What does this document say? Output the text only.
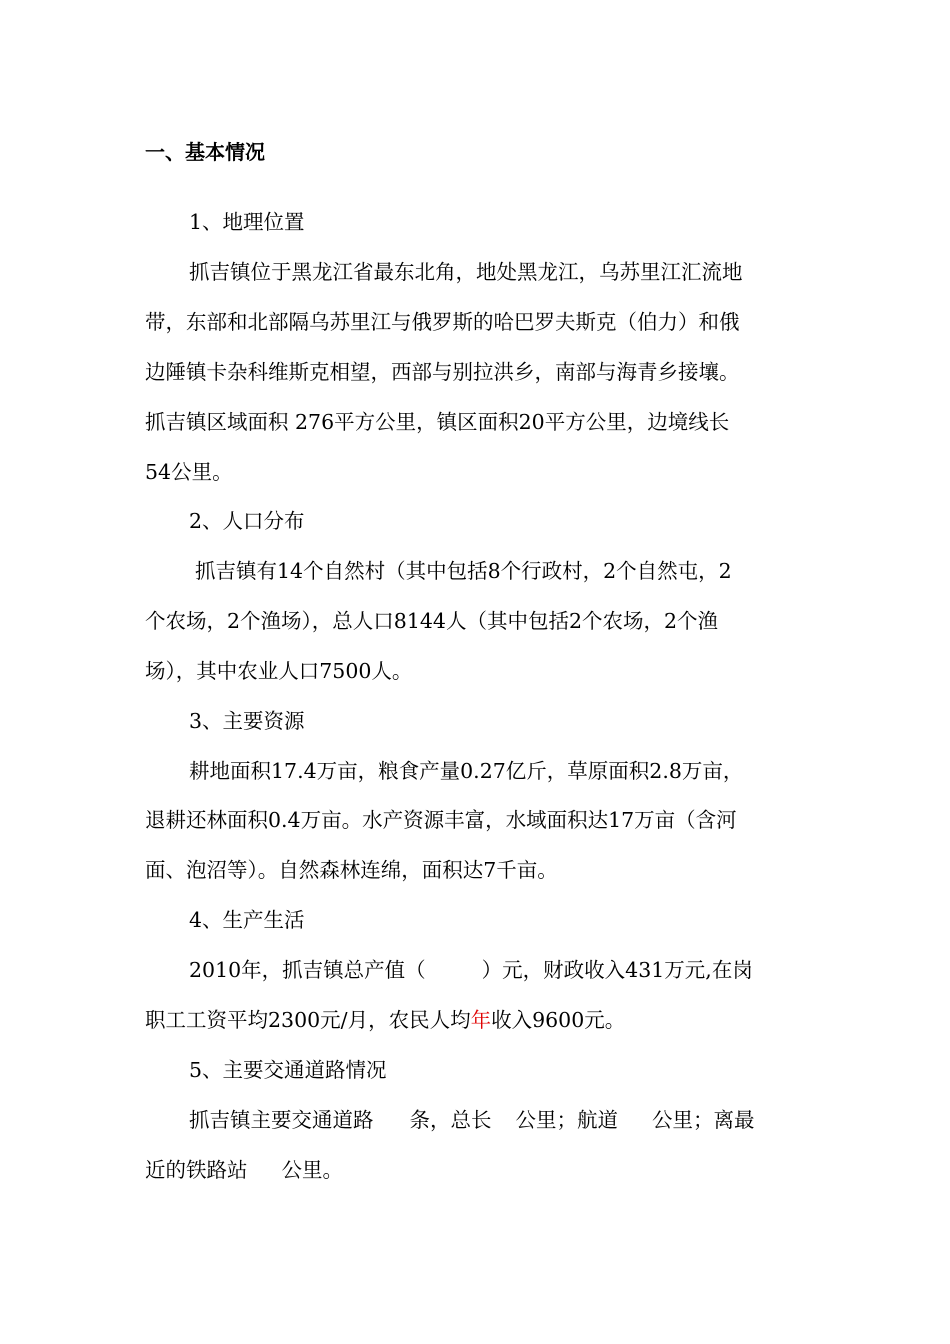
一、基本情况
1、地理位置
抓吉镇位于黑龙江省最东北角，地处黑龙江，乌苏里江汇流地
带，东部和北部隔乌苏里江与俄罗斯的哈巴罗夫斯克（伯力）和俄
边陲镇卡杂科维斯克相望，西部与别拉洪乡，南部与海青乡接壤。
抓吉镇区域面积 276平方公里，镇区面积20平方公里，边境线长
54公里。
2、人口分布
抓吉镇有14个自然村（其中包括8个行政村，2个自然屯，2
个农场，2个渔场），总人口8144人（其中包括2个农场，2个渔
场），其中农业人口7500人。
3、主要资源
耕地面积17.4万亩，粮食产量0.27亿斤，草原面积2.8万亩，
退耕还林面积0.4万亩。水产资源丰富，水域面积达17万亩（含河
面、泡沼等）。自然森林连绵，面积达7千亩。
4、生产生活
2010年，抓吉镇总产值（	）元，财政收入431万元,在岗
职工工资平均2300元/月，农民人均年收入9600元。
5、主要交通道路情况
抓吉镇主要交通道路 条，总长 公里；航道 公里；离最
近的铁路站 公里。
